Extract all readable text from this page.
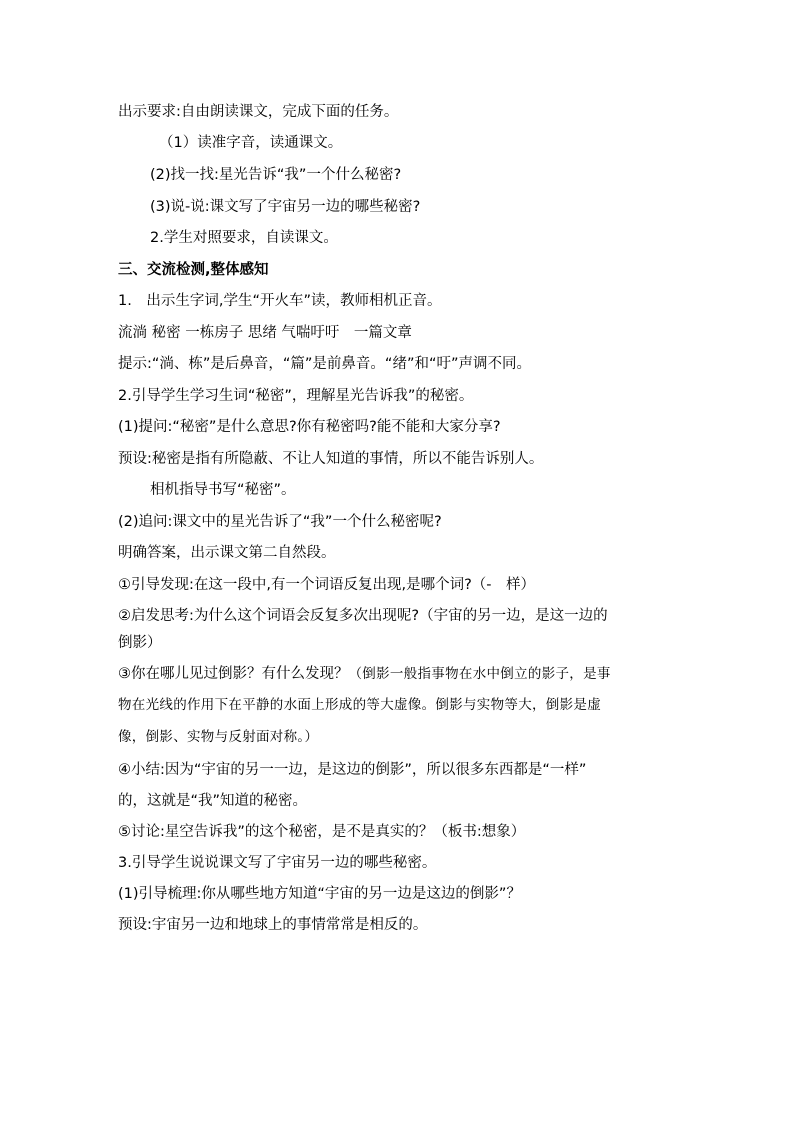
出示要求:自由朗读课文，完成下面的任务。
（1）读准字音，读通课文。
(2)找一找:星光告诉“我”一个什么秘密?
(3)说-说:课文写了宇宙另一边的哪些秘密?
2.学生对照要求，自读课文。
三、交流检测,整体感知
1.　出示生字词,学生“开火车”读，教师相机正音。
流淌 秘密 一栋房子 思绪 气喘吁吁　一篇文章
提示:“淌、栋”是后鼻音，“篇”是前鼻音。“绪”和“吁”声调不同。
2.引导学生学习生词“秘密”，理解星光告诉我”的秘密。
(1)提问:“秘密”是什么意思?你有秘密吗?能不能和大家分享?
预设:秘密是指有所隐蔽、不让人知道的事情，所以不能告诉别人。
相机指导书写“秘密”。
(2)追问:课文中的星光告诉了“我”一个什么秘密呢?
明确答案，出示课文第二自然段。
①引导发现:在这一段中,有一个词语反复出现,是哪个词?（-　样）
②启发思考:为什么这个词语会反复多次出现呢?（宇宙的另一边，是这一边的
倒影）
③你在哪儿见过倒影？有什么发现？（倒影一般指事物在水中倒立的影子，是事
物在光线的作用下在平静的水面上形成的等大虚像。倒影与实物等大，倒影是虚
像，倒影、实物与反射面对称。）
④小结:因为“宇宙的另一一边，是这边的倒影”，所以很多东西都是“一样”
的，这就是“我”知道的秘密。
⑤讨论:星空告诉我”的这个秘密，是不是真实的？（板书:想象）
3.引导学生说说课文写了宇宙另一边的哪些秘密。
(1)引导梳理:你从哪些地方知道“宇宙的另一边是这边的倒影”？
预设:宇宙另一边和地球上的事情常常是相反的。
